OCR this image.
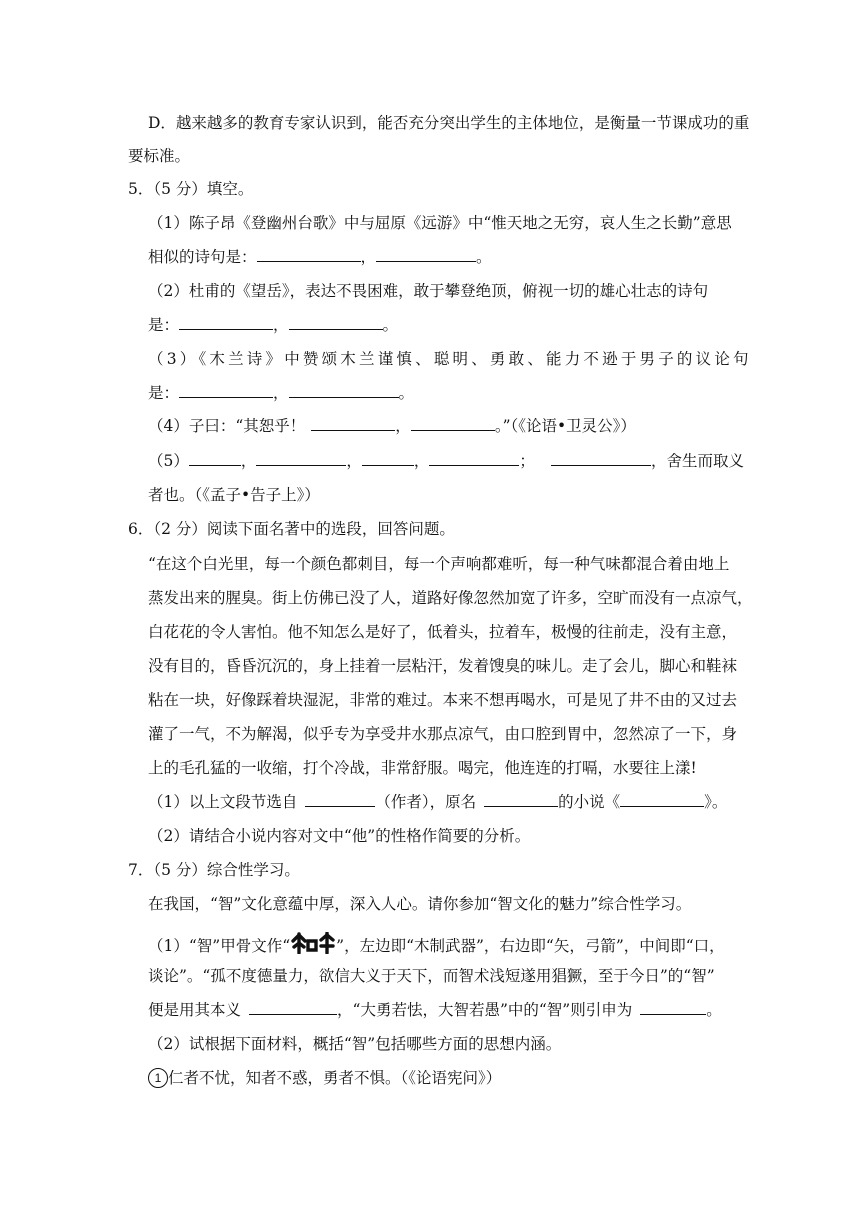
D．越来越多的教育专家认识到，能否充分突出学生的主体地位，是衡量一节课成功的重
要标准。
5．（5 分）填空。
（1）陈子昂《登幽州台歌》中与屈原《远游》中“惟天地之无穷，哀人生之长勤”意思
相似的诗句是：	，	。
（2）杜甫的《望岳》，表达不畏困难，敢于攀登绝顶，俯视一切的雄心壮志的诗句
是：	，	。
（3）《木兰诗》中赞颂木兰谨慎、聪明、勇敢、能力不逊于男子的议论句
是：	，	。
（4）子曰：“其恕乎！	，	。”（《论语•卫灵公》）
（5）	，	，	，	；	，舍生而取义
者也。（《孟子•告子上》）
6．（2 分）阅读下面名著中的选段，回答问题。
“在这个白光里，每一个颜色都刺目，每一个声响都难听，每一种气味都混合着由地上
蒸发出来的腥臭。街上仿佛已没了人，道路好像忽然加宽了许多，空旷而没有一点凉气，
白花花的令人害怕。他不知怎么是好了，低着头，拉着车，极慢的往前走，没有主意，
没有目的，昏昏沉沉的，身上挂着一层粘汗，发着馊臭的味儿。走了会儿，脚心和鞋袜
粘在一块，好像踩着块湿泥，非常的难过。本来不想再喝水，可是见了井不由的又过去
灌了一气，不为解渴，似乎专为享受井水那点凉气，由口腔到胃中，忽然凉了一下，身
上的毛孔猛的一收缩，打个冷战，非常舒服。喝完，他连连的打嗝，水要往上漾!
（1）以上文段节选自	（作者），原名	的小说《	》。
（2）请结合小说内容对文中“他”的性格作简要的分析。
7．（5 分）综合性学习。
在我国，“智”文化意蕴中厚，深入人心。请你参加“智文化的魅力”综合性学习。
（1）“智”甲骨文作“	”，左边即“木制武器”，右边即“矢，弓箭”，中间即“口，
谈论”。“孤不度德量力，欲信大义于天下，而智术浅短遂用猖獗，至于今日”的“智”
便是用其本义	，“大勇若怯，大智若愚”中的“智”则引申为	。
（2）试根据下面材料，概括“智”包括哪些方面的思想内涵。
1 仁者不忧，知者不惑，勇者不惧。（《论语宪问》）
